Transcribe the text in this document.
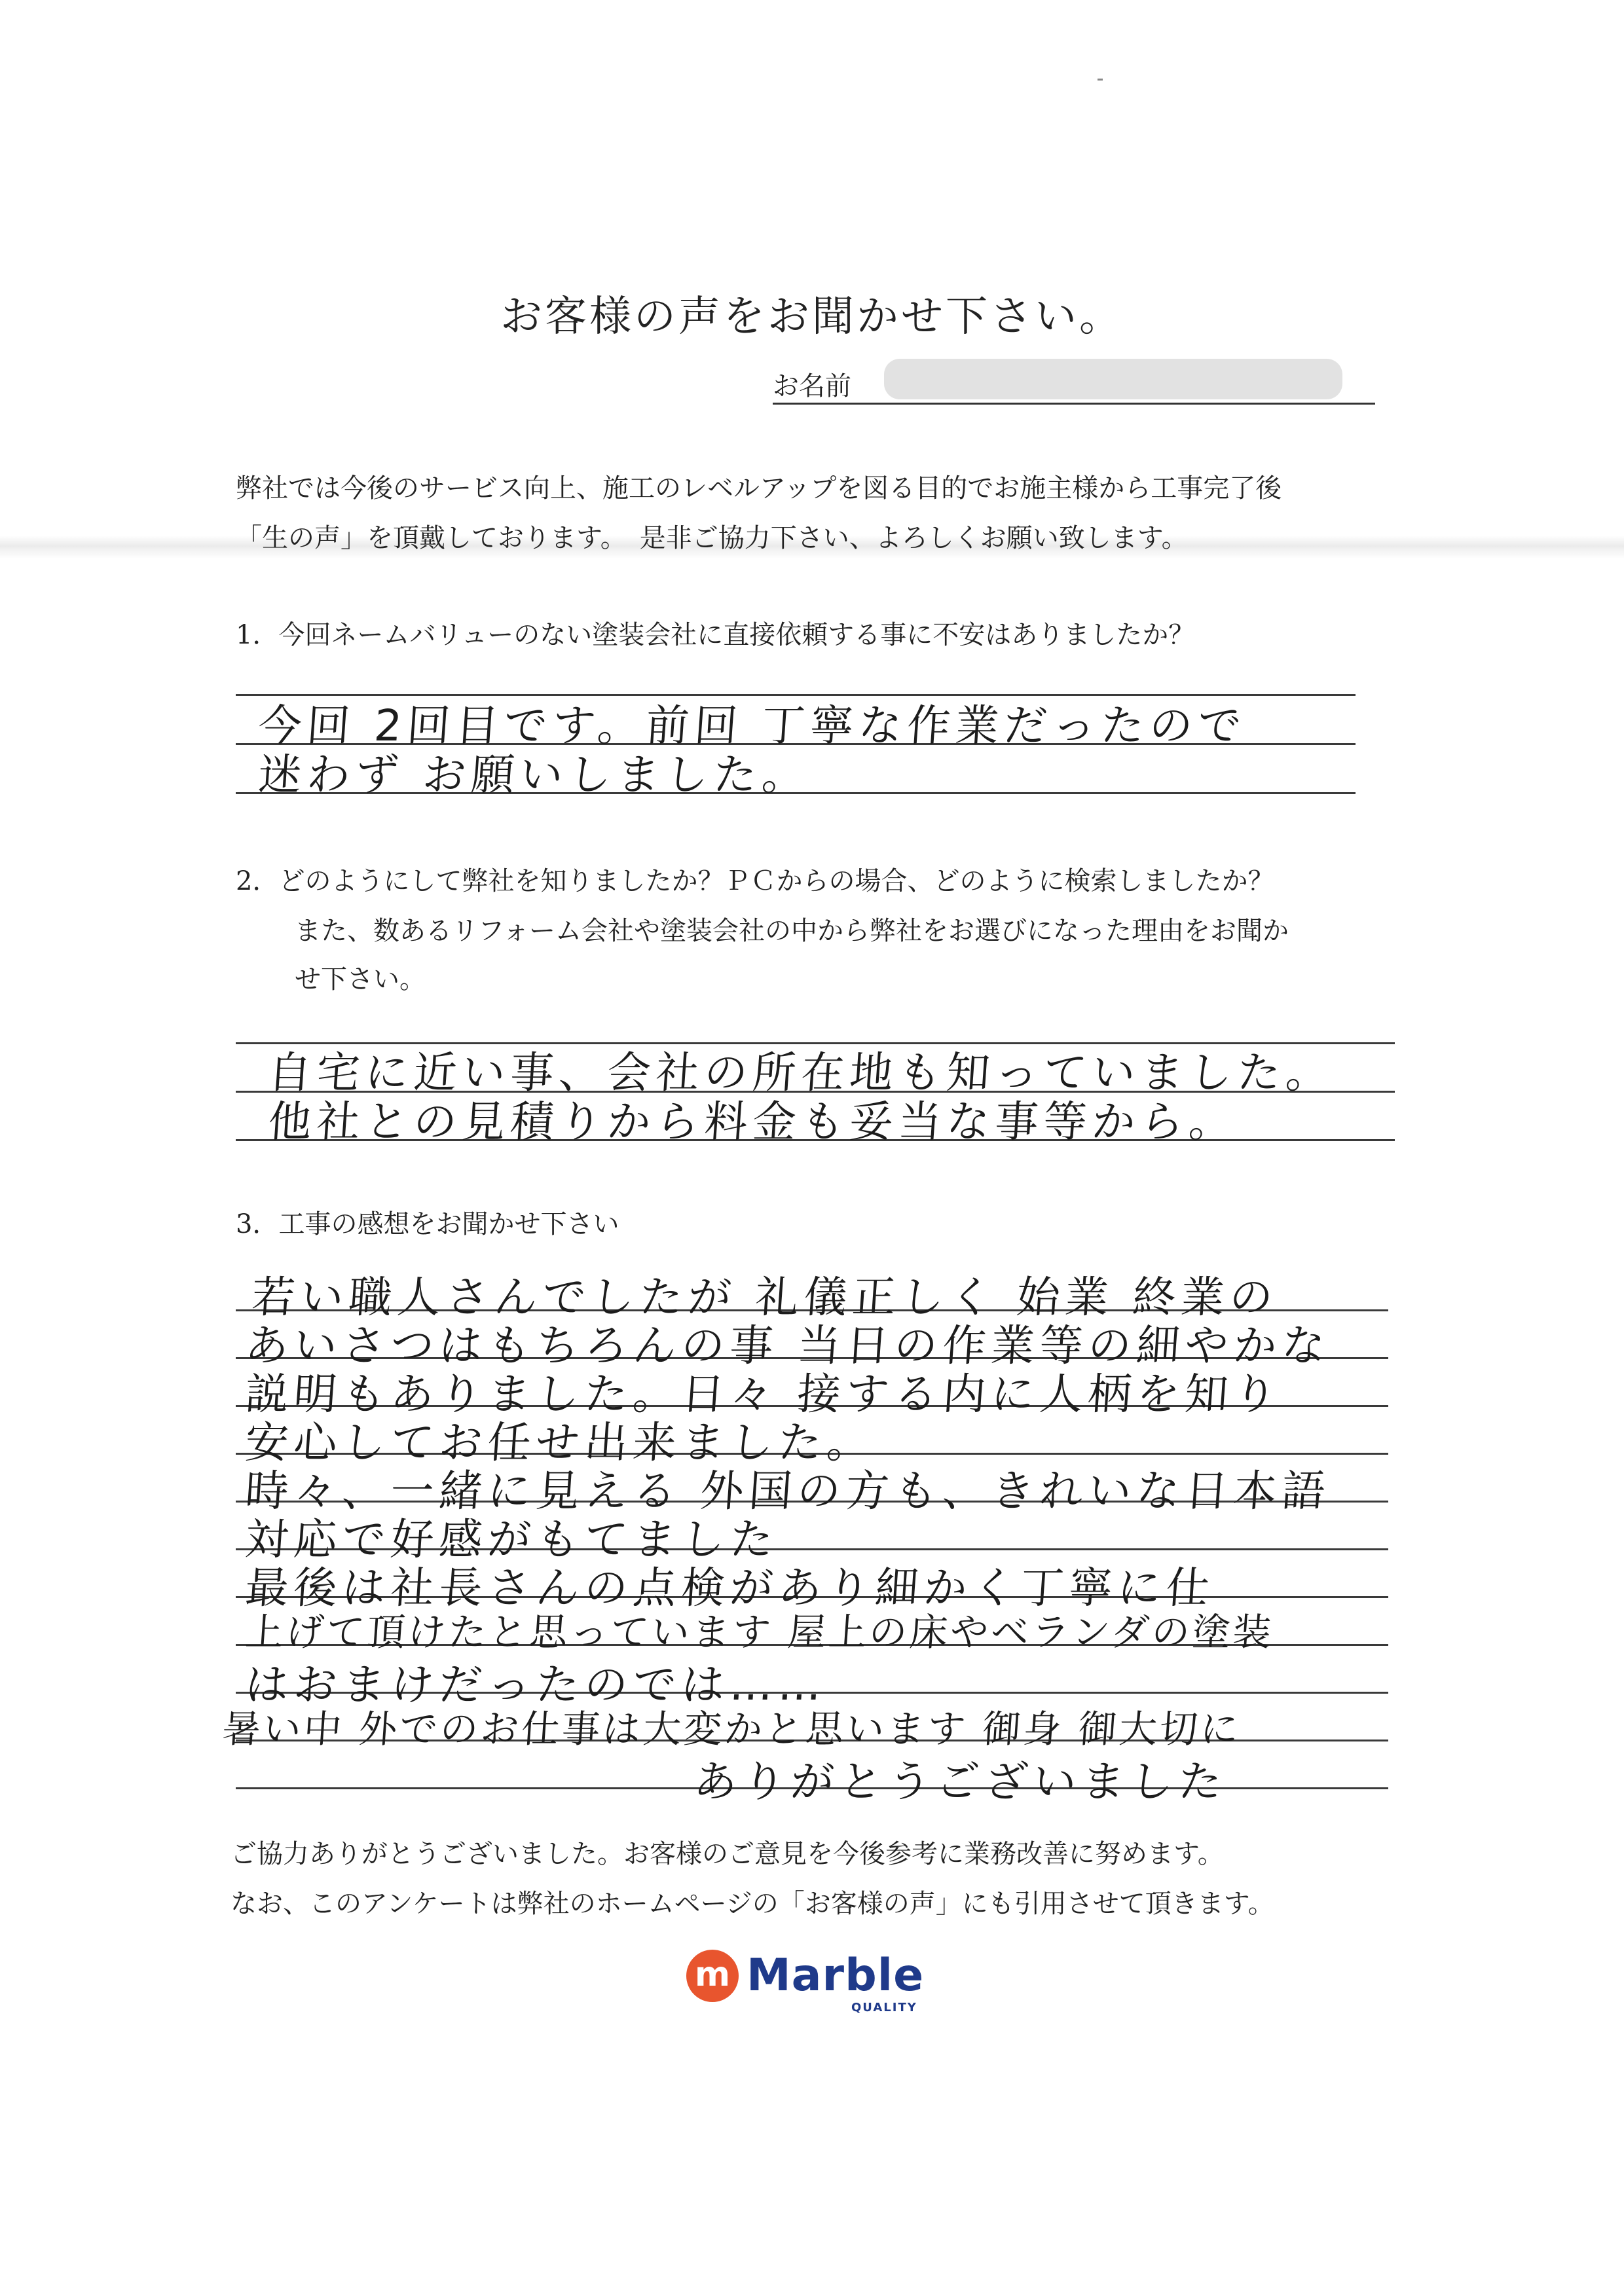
お客様の声をお聞かせ下さい。
お名前
弊社では今後のサービス向上、施工のレベルアップを図る目的でお施主様から工事完了後
「生の声」を頂戴しております。　是非ご協力下さい、よろしくお願い致します。
1．今回ネームバリューのない塗装会社に直接依頼する事に不安はありましたか？
今回 2回目です。前回 丁寧な作業だったので
迷わず お願いしました。
2．どのようにして弊社を知りましたか？ＰＣからの場合、どのように検索しましたか？
また、数あるリフォーム会社や塗装会社の中から弊社をお選びになった理由をお聞か
せ下さい。
自宅に近い事、会社の所在地も知っていました。
他社との見積りから料金も妥当な事等から。
3．工事の感想をお聞かせ下さい
若い職人さんでしたが 礼儀正しく 始業 終業の
あいさつはもちろんの事 当日の作業等の細やかな
説明もありました。日々 接する内に人柄を知り
安心してお任せ出来ました。
時々、一緒に見える 外国の方も、きれいな日本語
対応で好感がもてました
最後は社長さんの点検があり細かく丁寧に仕
上げて頂けたと思っています 屋上の床やベランダの塗装
はおまけだったのでは……
暑い中 外でのお仕事は大変かと思います 御身 御大切に
ありがとうございました
ご協力ありがとうございました。お客様のご意見を今後参考に業務改善に努めます。
なお、このアンケートは弊社のホームページの「お客様の声」にも引用させて頂きます。
m Marble
QUALITY
